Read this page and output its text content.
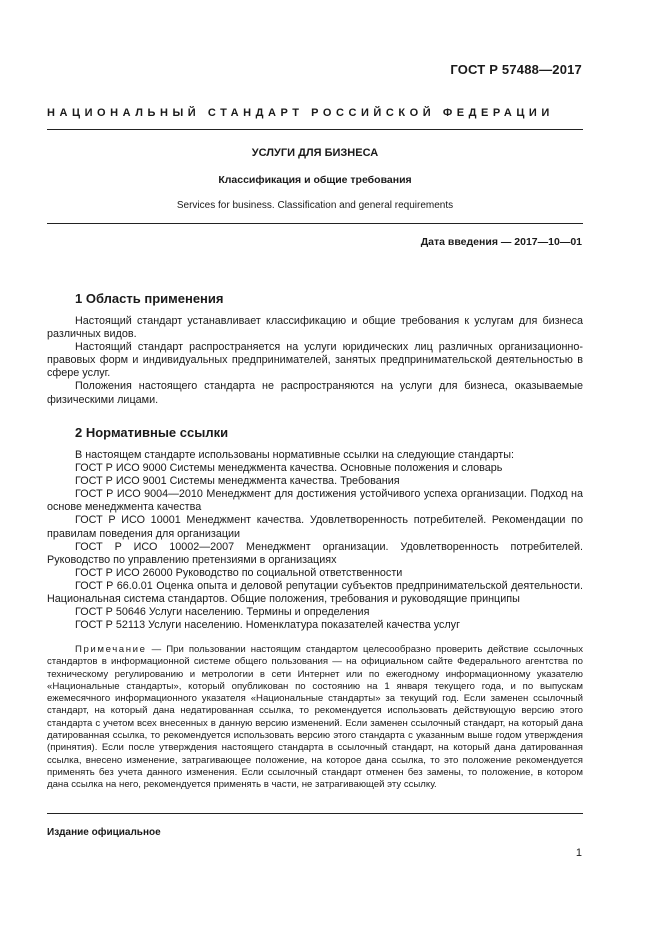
ГОСТ Р 57488—2017
НАЦИОНАЛЬНЫЙ СТАНДАРТ РОССИЙСКОЙ ФЕДЕРАЦИИ
УСЛУГИ ДЛЯ БИЗНЕСА
Классификация и общие требования
Services for business. Classification and general requirements
Дата введения — 2017—10—01
1 Область применения

Настоящий стандарт устанавливает классификацию и общие требования к услугам для бизнеса различных видов.

Настоящий стандарт распространяется на услуги юридических лиц различных организационно-правовых форм и индивидуальных предпринимателей, занятых предпринимательской деятельностью в сфере услуг.

Положения настоящего стандарта не распространяются на услуги для бизнеса, оказываемые физическими лицами.

2 Нормативные ссылки

В настоящем стандарте использованы нормативные ссылки на следующие стандарты:

ГОСТ Р ИСО 9000 Системы менеджмента качества. Основные положения и словарь

ГОСТ Р ИСО 9001 Системы менеджмента качества. Требования

ГОСТ Р ИСО 9004—2010 Менеджмент для достижения устойчивого успеха организации. Подход на основе менеджмента качества

ГОСТ Р ИСО 10001 Менеджмент качества. Удовлетворенность потребителей. Рекомендации по правилам поведения для организации

ГОСТ Р ИСО 10002—2007 Менеджмент организации. Удовлетворенность потребителей. Руководство по управлению претензиями в организациях

ГОСТ Р ИСО 26000 Руководство по социальной ответственности

ГОСТ Р 66.0.01 Оценка опыта и деловой репутации субъектов предпринимательской деятельности. Национальная система стандартов. Общие положения, требования и руководящие принципы

ГОСТ Р 50646 Услуги населению. Термины и определения

ГОСТ Р 52113 Услуги населению. Номенклатура показателей качества услуг

Примечание — При пользовании настоящим стандартом целесообразно проверить действие ссылочных стандартов в информационной системе общего пользования — на официальном сайте Федерального агентства по техническому регулированию и метрологии в сети Интернет или по ежегодному информационному указателю «Национальные стандарты», который опубликован по состоянию на 1 января текущего года, и по выпускам ежемесячного информационного указателя «Национальные стандарты» за текущий год. Если заменен ссылочный стандарт, на который дана недатированная ссылка, то рекомендуется использовать действующую версию этого стандарта с учетом всех внесенных в данную версию изменений. Если заменен ссылочный стандарт, на который дана датированная ссылка, то рекомендуется использовать версию этого стандарта с указанным выше годом утверждения (принятия). Если после утверждения настоящего стандарта в ссылочный стандарт, на который дана датированная ссылка, внесено изменение, затрагивающее положение, на которое дана ссылка, то это положение рекомендуется применять без учета данного изменения. Если ссылочный стандарт отменен без замены, то положение, в котором дана ссылка на него, рекомендуется применять в части, не затрагивающей эту ссылку.
Издание официальное
1
